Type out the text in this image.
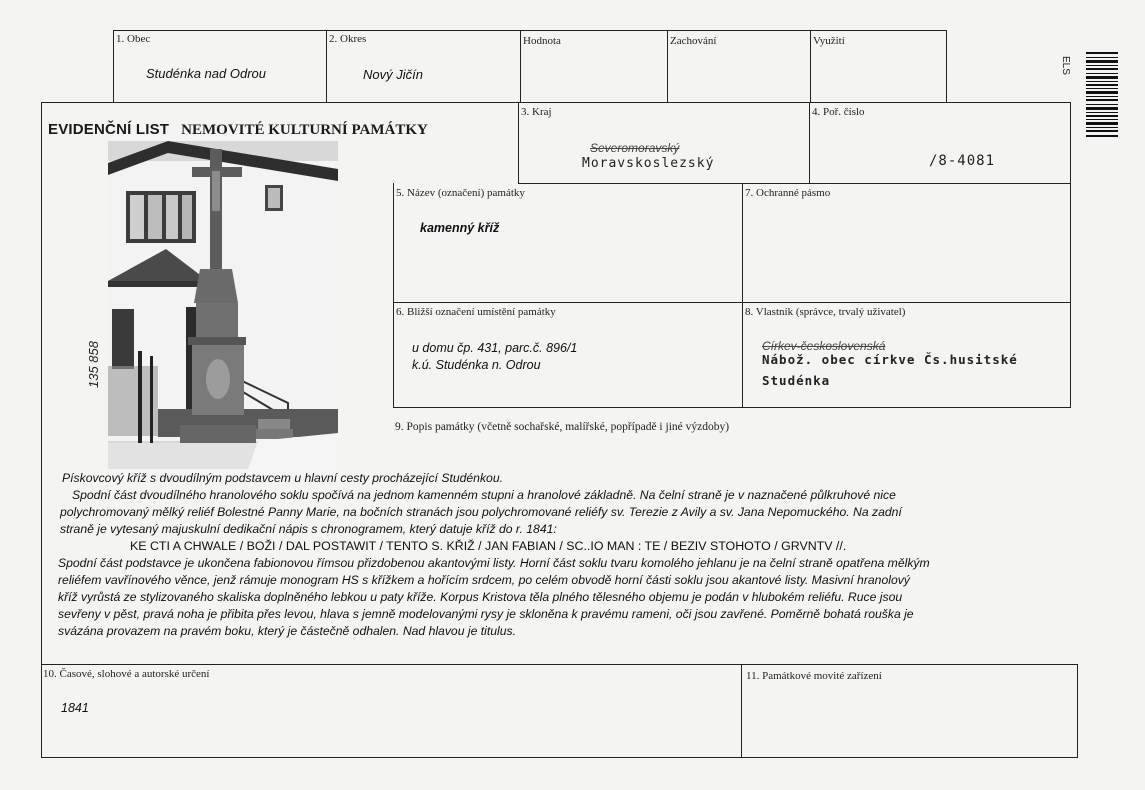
1. Obec
Studénka nad Odrou
2. Okres
Nový Jičín
Hodnota	Zachování	Využití
ELS
EVIDENČNÍ LIST NEMOVITÉ KULTURNÍ PAMÁTKY
3. Kraj
Severomoravský
Moravskoslezský
4. Poř. číslo
/8-4081
5. Název (označení) památky
kamenný kříž
7. Ochranné pásmo
6. Bližší označení umístění památky
u domu čp. 431, parc.č. 896/1
k.ú. Studénka n. Odrou
8. Vlastník (správce, trvalý uživatel)
Církev-československá
Nábož. obec církve Čs.husitské
Studénka
9. Popis památky (včetně sochařské, malířské, popřípadě i jiné výzdoby)
135 858

Pískovcový kříž s dvoudílným podstavcem u hlavní cesty procházející Studénkou.

Spodní část dvoudílného hranolového soklu spočívá na jednom kamenném stupni a hranolové základně. Na čelní straně je v naznačené půlkruhové nice

polychromovaný mělký reliéf Bolestné Panny Marie, na bočních stranách jsou polychromované reliéfy sv. Terezie z Avily a sv. Jana Nepomuckého. Na zadní

straně je vytesaný majuskulní dedikační nápis s chronogramem, který datuje kříž do r. 1841:

KE CTI A CHWALE / BOŽI / DAL POSTAWIT / TENTO S. KŘIŽ / JAN FABIAN / SC..IO MAN : TE / BEZIV STOHOTO / GRVNTV //.

Spodní část podstavce je ukončena fabionovou římsou přizdobenou akantovými listy. Horní část soklu tvaru komolého jehlanu je na čelní straně opatřena mělkým

reliéfem vavřínového věnce, jenž rámuje monogram HS s křížkem a hořícím srdcem, po celém obvodě horní části soklu jsou akantové listy. Masivní hranolový

kříž vyrůstá ze stylizovaného skaliska doplněného lebkou u paty kříže. Korpus Kristova těla plného tělesného objemu je podán v hlubokém reliéfu. Ruce jsou

sevřeny v pěst, pravá noha je přibita přes levou, hlava s jemně modelovanými rysy je skloněna k pravému rameni, oči jsou zavřené. Poměrně bohatá rouška je

svázána provazem na pravém boku, který je částečně odhalen. Nad hlavou je titulus.

10. Časové, slohové a autorské určení
1841
11. Památkové movité zařízení
